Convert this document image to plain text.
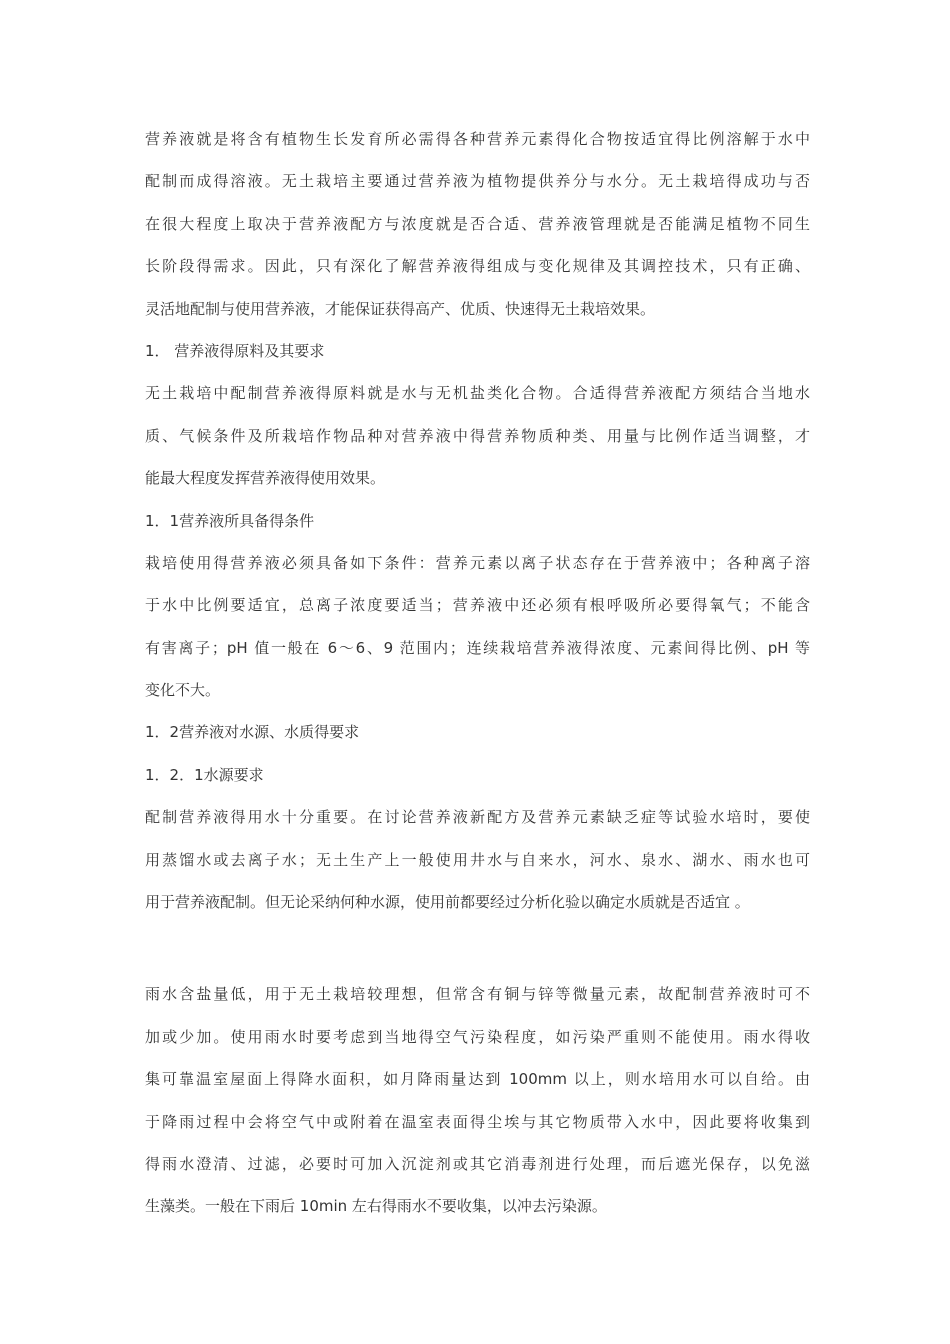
营养液就是将含有植物生长发育所必需得各种营养元素得化合物按适宜得比例溶解于水中
配制而成得溶液。无土栽培主要通过营养液为植物提供养分与水分。无土栽培得成功与否
在很大程度上取决于营养液配方与浓度就是否合适、营养液管理就是否能满足植物不同生
长阶段得需求。因此，只有深化了解营养液得组成与变化规律及其调控技术，只有正确、
灵活地配制与使用营养液，才能保证获得高产、优质、快速得无土栽培效果。
1． 营养液得原料及其要求
无土栽培中配制营养液得原料就是水与无机盐类化合物。合适得营养液配方须结合当地水
质、气候条件及所栽培作物品种对营养液中得营养物质种类、用量与比例作适当调整，才
能最大程度发挥营养液得使用效果。
1．1营养液所具备得条件
栽培使用得营养液必须具备如下条件：营养元素以离子状态存在于营养液中；各种离子溶
于水中比例要适宜，总离子浓度要适当；营养液中还必须有根呼吸所必要得氧气；不能含
有害离子；pH 值一般在 6～6、9 范围内；连续栽培营养液得浓度、元素间得比例、pH 等
变化不大。
1．2营养液对水源、水质得要求
1．2．1水源要求
配制营养液得用水十分重要。在讨论营养液新配方及营养元素缺乏症等试验水培时，要使
用蒸馏水或去离子水；无土生产上一般使用井水与自来水，河水、泉水、湖水、雨水也可
用于营养液配制。但无论采纳何种水源，使用前都要经过分析化验以确定水质就是否适宜 。
雨水含盐量低，用于无土栽培较理想，但常含有铜与锌等微量元素，故配制营养液时可不
加或少加。使用雨水时要考虑到当地得空气污染程度，如污染严重则不能使用。雨水得收
集可靠温室屋面上得降水面积，如月降雨量达到 100mm 以上，则水培用水可以自给。由
于降雨过程中会将空气中或附着在温室表面得尘埃与其它物质带入水中，因此要将收集到
得雨水澄清、过滤，必要时可加入沉淀剂或其它消毒剂进行处理，而后遮光保存，以免滋
生藻类。一般在下雨后 10min 左右得雨水不要收集，以冲去污染源。
